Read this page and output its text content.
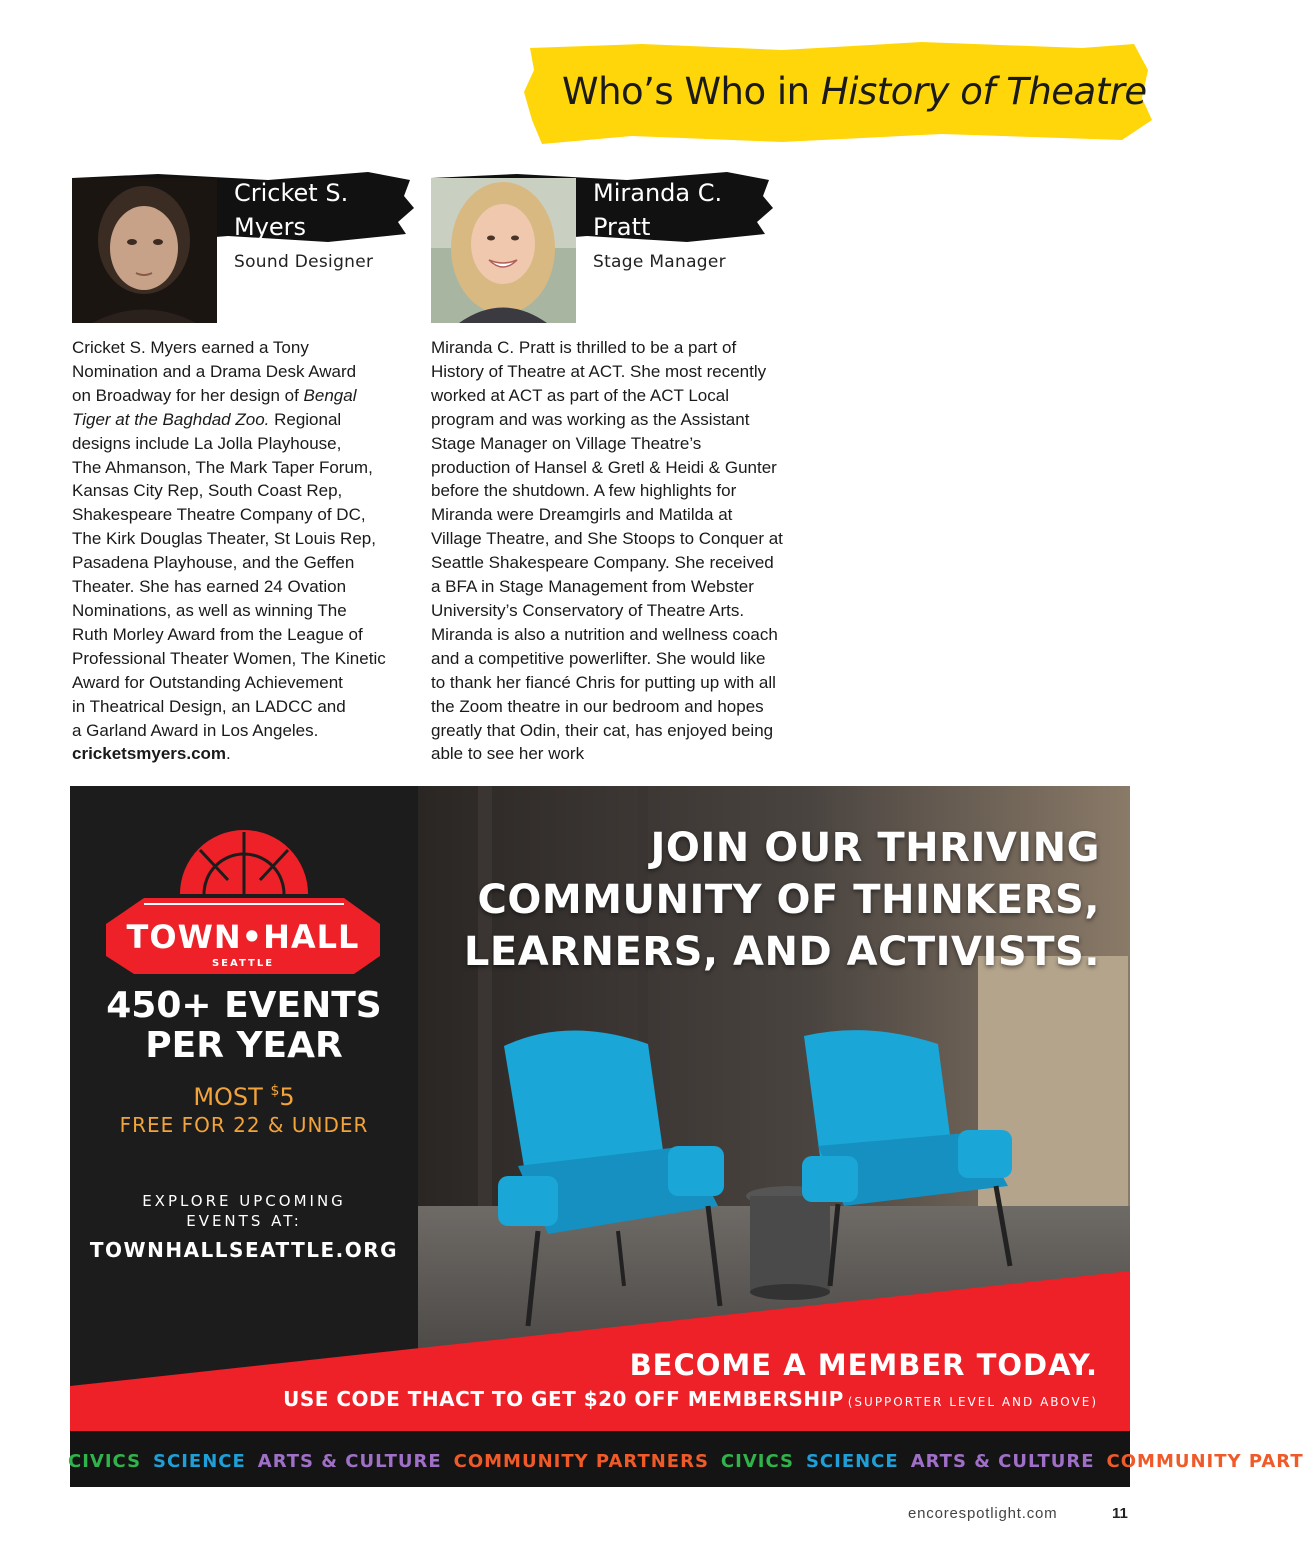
Who’s Who in History of Theatre
Cricket S.
Myers
Sound Designer

Cricket S. Myers earned a Tony
Nomination and a Drama Desk Award
on Broadway for her design of Bengal
Tiger at the Baghdad Zoo. Regional
designs include La Jolla Playhouse,
The Ahmanson, The Mark Taper Forum,
Kansas City Rep, South Coast Rep,
Shakespeare Theatre Company of DC,
The Kirk Douglas Theater, St Louis Rep,
Pasadena Playhouse, and the Geffen
Theater. She has earned 24 Ovation
Nominations, as well as winning The
Ruth Morley Award from the League of
Professional Theater Women, The Kinetic
Award for Outstanding Achievement
in Theatrical Design, an LADCC and
a Garland Award in Los Angeles.
cricketsmyers.com.

Miranda C.
Pratt
Stage Manager

Miranda C. Pratt is thrilled to be a part of
History of Theatre at ACT. She most recently
worked at ACT as part of the ACT Local
program and was working as the Assistant
Stage Manager on Village Theatre’s
production of Hansel & Gretl & Heidi & Gunter
before the shutdown. A few highlights for
Miranda were Dreamgirls and Matilda at
Village Theatre, and She Stoops to Conquer at
Seattle Shakespeare Company. She received
a BFA in Stage Management from Webster
University’s Conservatory of Theatre Arts.
Miranda is also a nutrition and wellness coach
and a competitive powerlifter. She would like
to thank her fiancé Chris for putting up with all
the Zoom theatre in our bedroom and hopes
greatly that Odin, their cat, has enjoyed being
able to see her work

TOWN•HALL
SEATTLE
450+ EVENTS
PER YEAR
MOST $5
FREE FOR 22 & UNDER
EXPLORE UPCOMING
EVENTS AT:
TOWNHALLSEATTLE.ORG
JOIN OUR THRIVING
COMMUNITY OF THINKERS,
LEARNERS, AND ACTIVISTS.
BECOME A MEMBER TODAY.
USE CODE THACT TO GET $20 OFF MEMBERSHIP (SUPPORTER LEVEL AND ABOVE)
CIVICS SCIENCE ARTS & CULTURE COMMUNITY PARTNERS CIVICS SCIENCE ARTS & CULTURE COMMUNITY PART
encorespotlight.com	11
